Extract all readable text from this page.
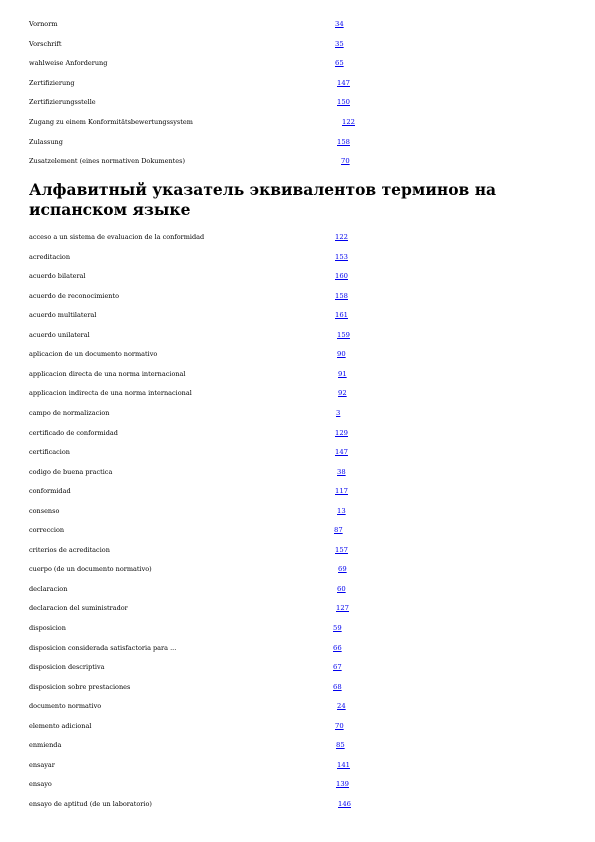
Vornorm	34
Vorschrift	35
wahlweise Anforderung	65
Zertifizierung	147
Zertifizierungsstelle	150
Zugang zu einem Konformitätsbewertungssystem	122
Zulassung	158
Zusatzelement (eines normativen Dokumentes)	70
Алфавитный указатель эквивалентов терминов на испанском языке
acceso a un sistema de evaluacion de la conformidad	122
acreditacion	153
acuerdo bilateral	160
acuerdo de reconocimiento	158
acuerdo multilateral	161
acuerdo unilateral	159
aplicacion de un documento normativo	90
applicacion directa de una norma internacional	91
applicacion indirecta de una norma internacional	92
campo de normalizacion	3
certificado de conformidad	129
certificacion	147
codigo de buena practica	38
conformidad	117
consenso	13
correccion	87
criterios de acreditacion	157
cuerpo (de un documento normativo)	69
declaracion	60
declaracion del suministrador	127
disposicion	59
disposicion considerada satisfactoria para ...	66
disposicion descriptiva	67
disposicion sobre prestaciones	68
documento normativo	24
elemento adicional	70
enmienda	85
ensayar	141
ensayo	139
ensayo de aptitud (de un laboratorio)	146
